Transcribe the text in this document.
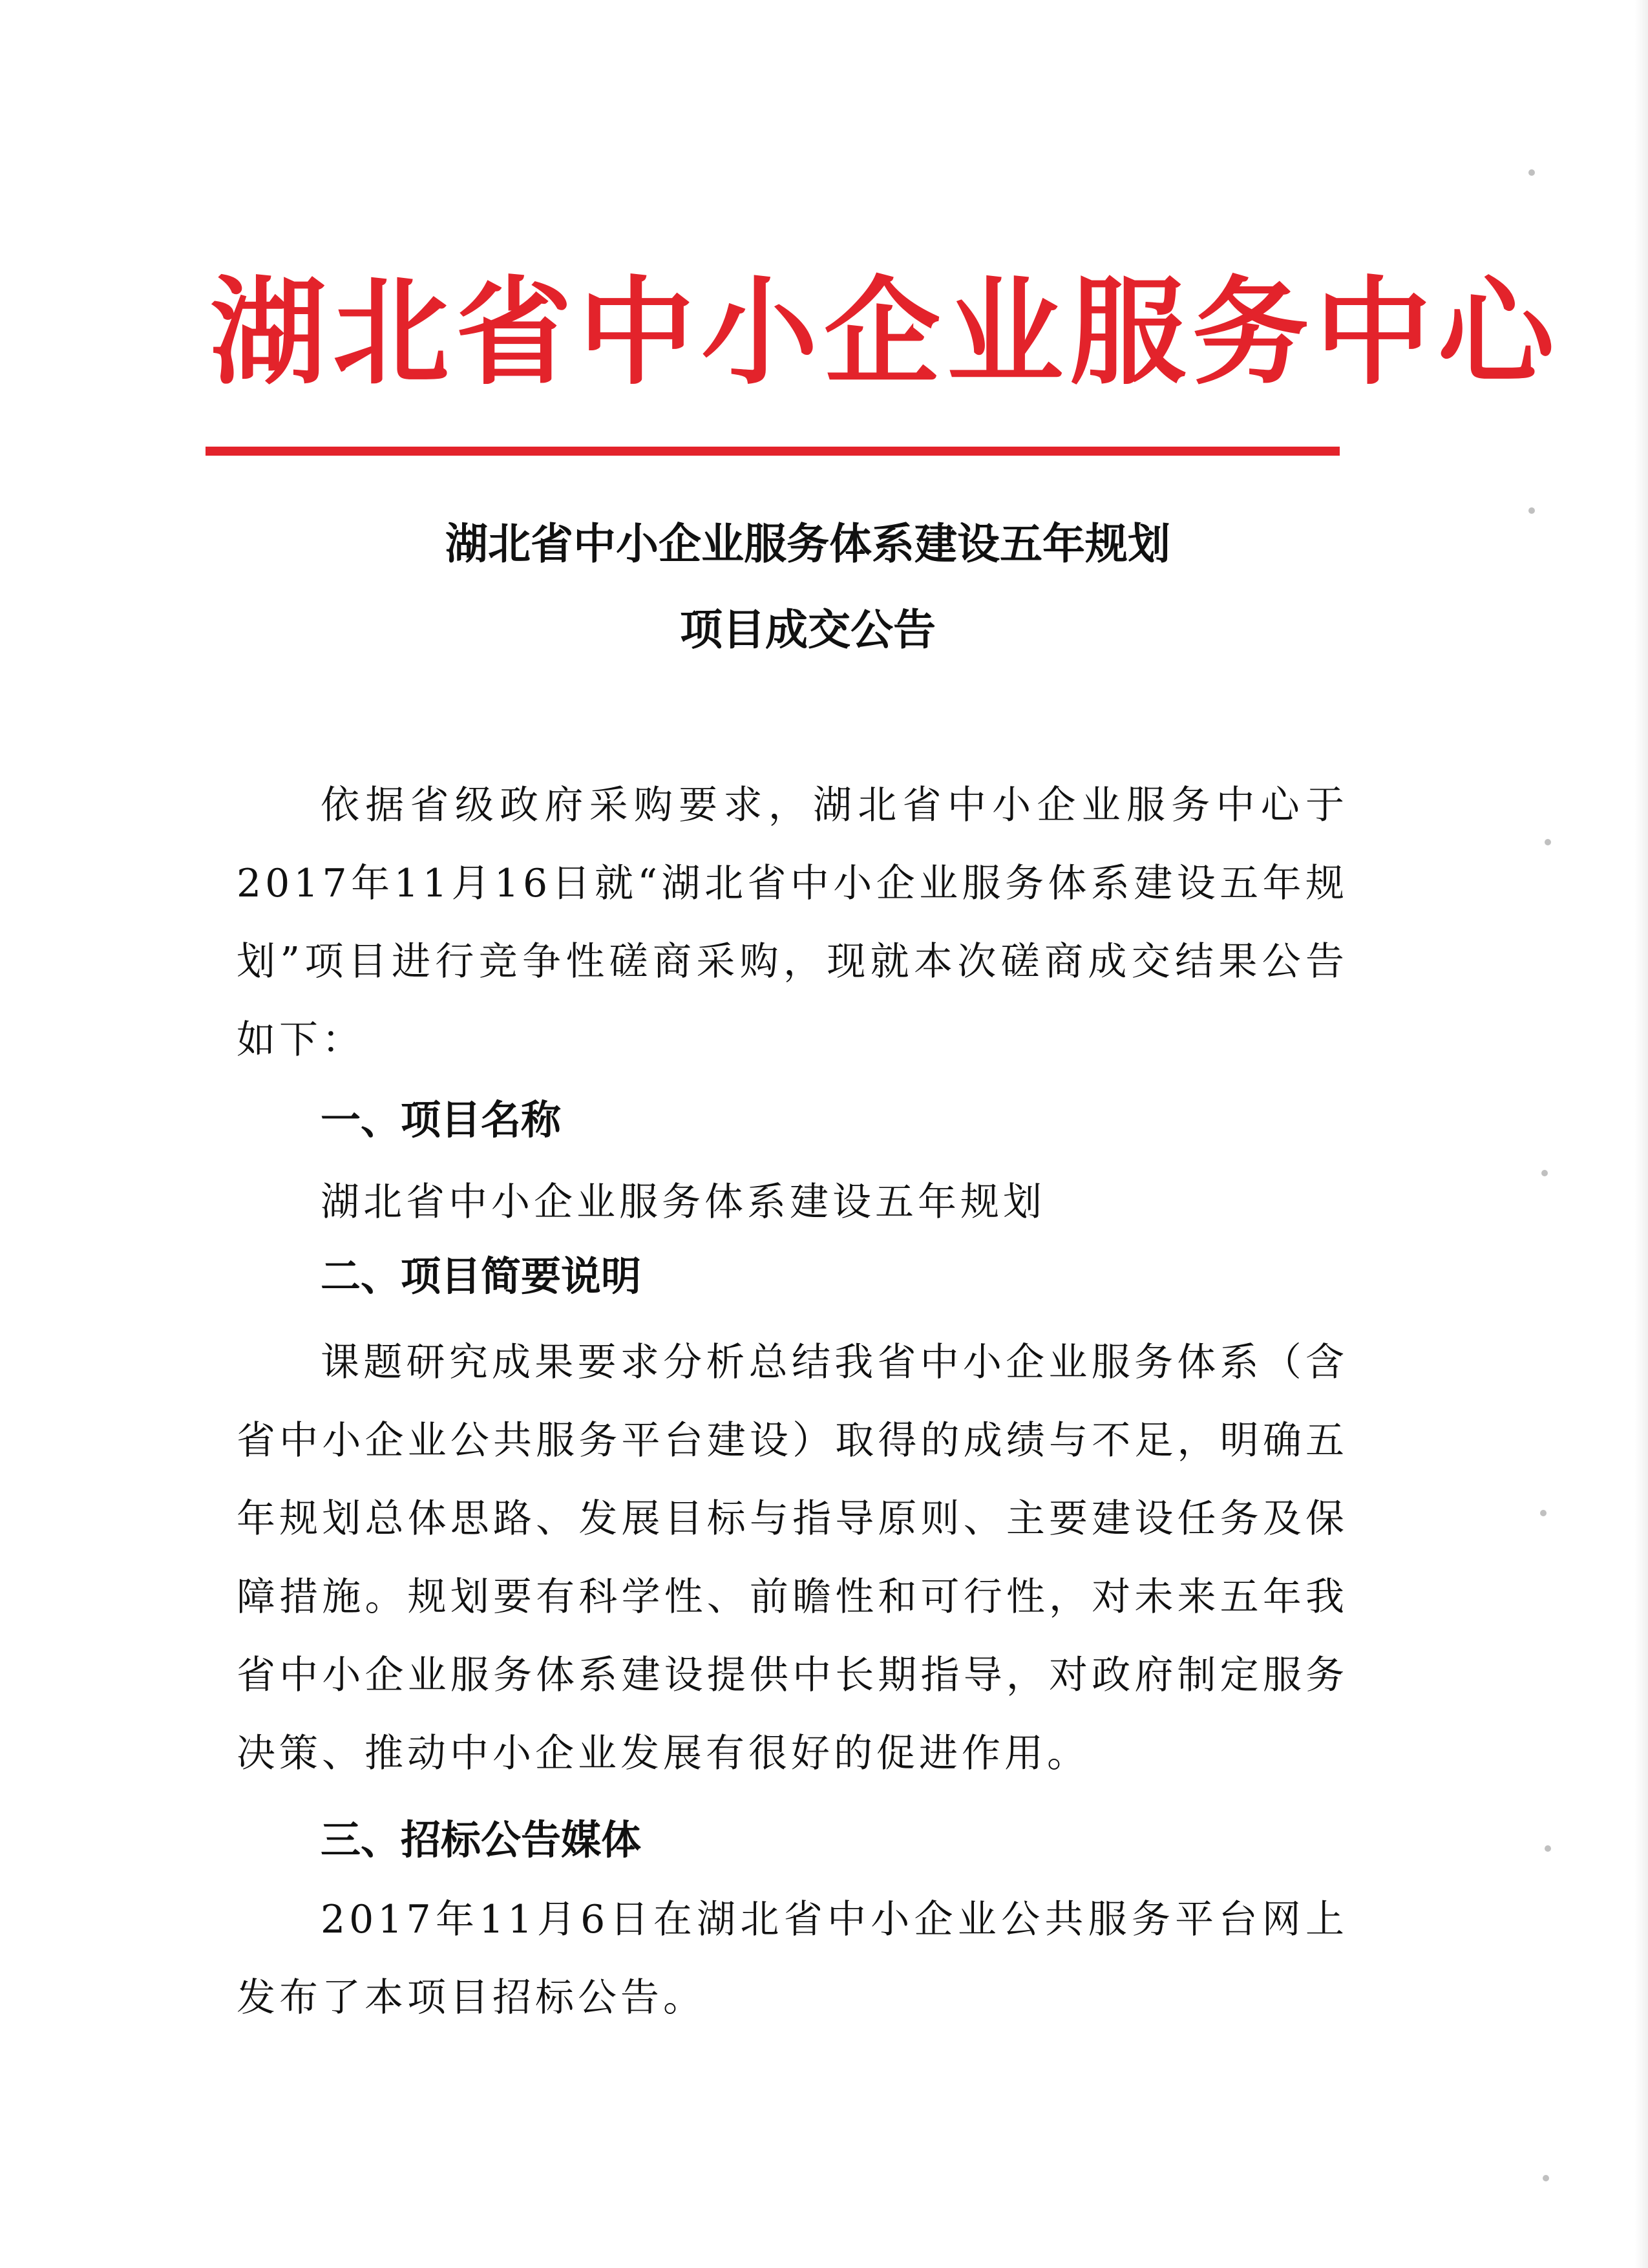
湖北省中小企业服务中心
湖北省中小企业服务体系建设五年规划
项目成交公告
依据省级政府采购要求，湖北省中小企业服务中心于2017年11月16日就“湖北省中小企业服务体系建设五年规划”项目进行竞争性磋商采购，现就本次磋商成交结果公告如下：
一、项目名称
湖北省中小企业服务体系建设五年规划
二、项目简要说明
课题研究成果要求分析总结我省中小企业服务体系（含省中小企业公共服务平台建设）取得的成绩与不足，明确五年规划总体思路、发展目标与指导原则、主要建设任务及保障措施。规划要有科学性、前瞻性和可行性，对未来五年我省中小企业服务体系建设提供中长期指导，对政府制定服务决策、推动中小企业发展有很好的促进作用。
三、招标公告媒体
2017年11月6日在湖北省中小企业公共服务平台网上发布了本项目招标公告。
